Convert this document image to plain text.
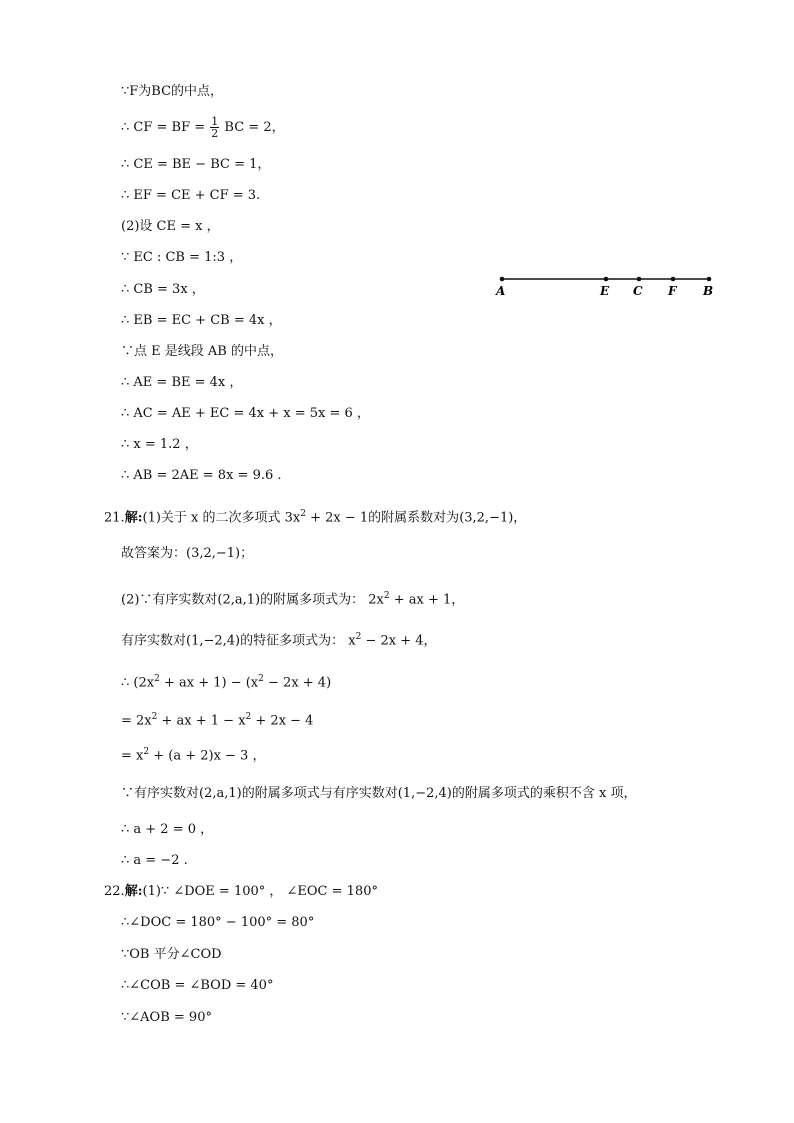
∵F为BC的中点，
∴ CF = BF = $\frac{1}{2}$ BC = 2，
∴ CE = BE − BC = 1，
∴ EF = CE + CF = 3.
(2)设 CE = x ，
∵ EC : CB = 1:3 ，
∴ CB = 3x ，
∴ EB = EC + CB = 4x ，
∵点 E 是线段 AB 的中点，
∴ AE = BE = 4x ，
∴ AC = AE + EC = 4x + x = 5x = 6 ，
∴ x = 1.2 ，
∴ AB = 2AE = 8x = 9.6 .
A	E C F B
21.解:(1)关于 x 的二次多项式 $3x^2 + 2x - 1$的附属系数对为(3,2,−1)，
故答案为：(3,2,−1)；
(2)∵有序实数对(2,a,1)的附属多项式为： $2x^2$ + ax + 1，
有序实数对(1,−2,4)的特征多项式为： $x^2 - 2x + 4$，
∴ ($2x^2$ + ax + $1) - (x^2 - 2x + 4)$
= $2x^2$ + ax + $1 - x^2 + 2x - 4$
= $x^2 + (a + 2)x - 3$ ，
∵有序实数对(2,a,1)的附属多项式与有序实数对(1,−2,4)的附属多项式的乘积不含 x 项，
∴ a + 2 = 0 ，
∴ a = −2 .
22.解:(1)∵ ∠DOE = 100° ， ∠EOC = 180°
∴∠DOC = 180° − 100° = 80°
∵OB 平分∠COD
∴∠COB = ∠BOD = 40°
∵∠AOB = 90°
